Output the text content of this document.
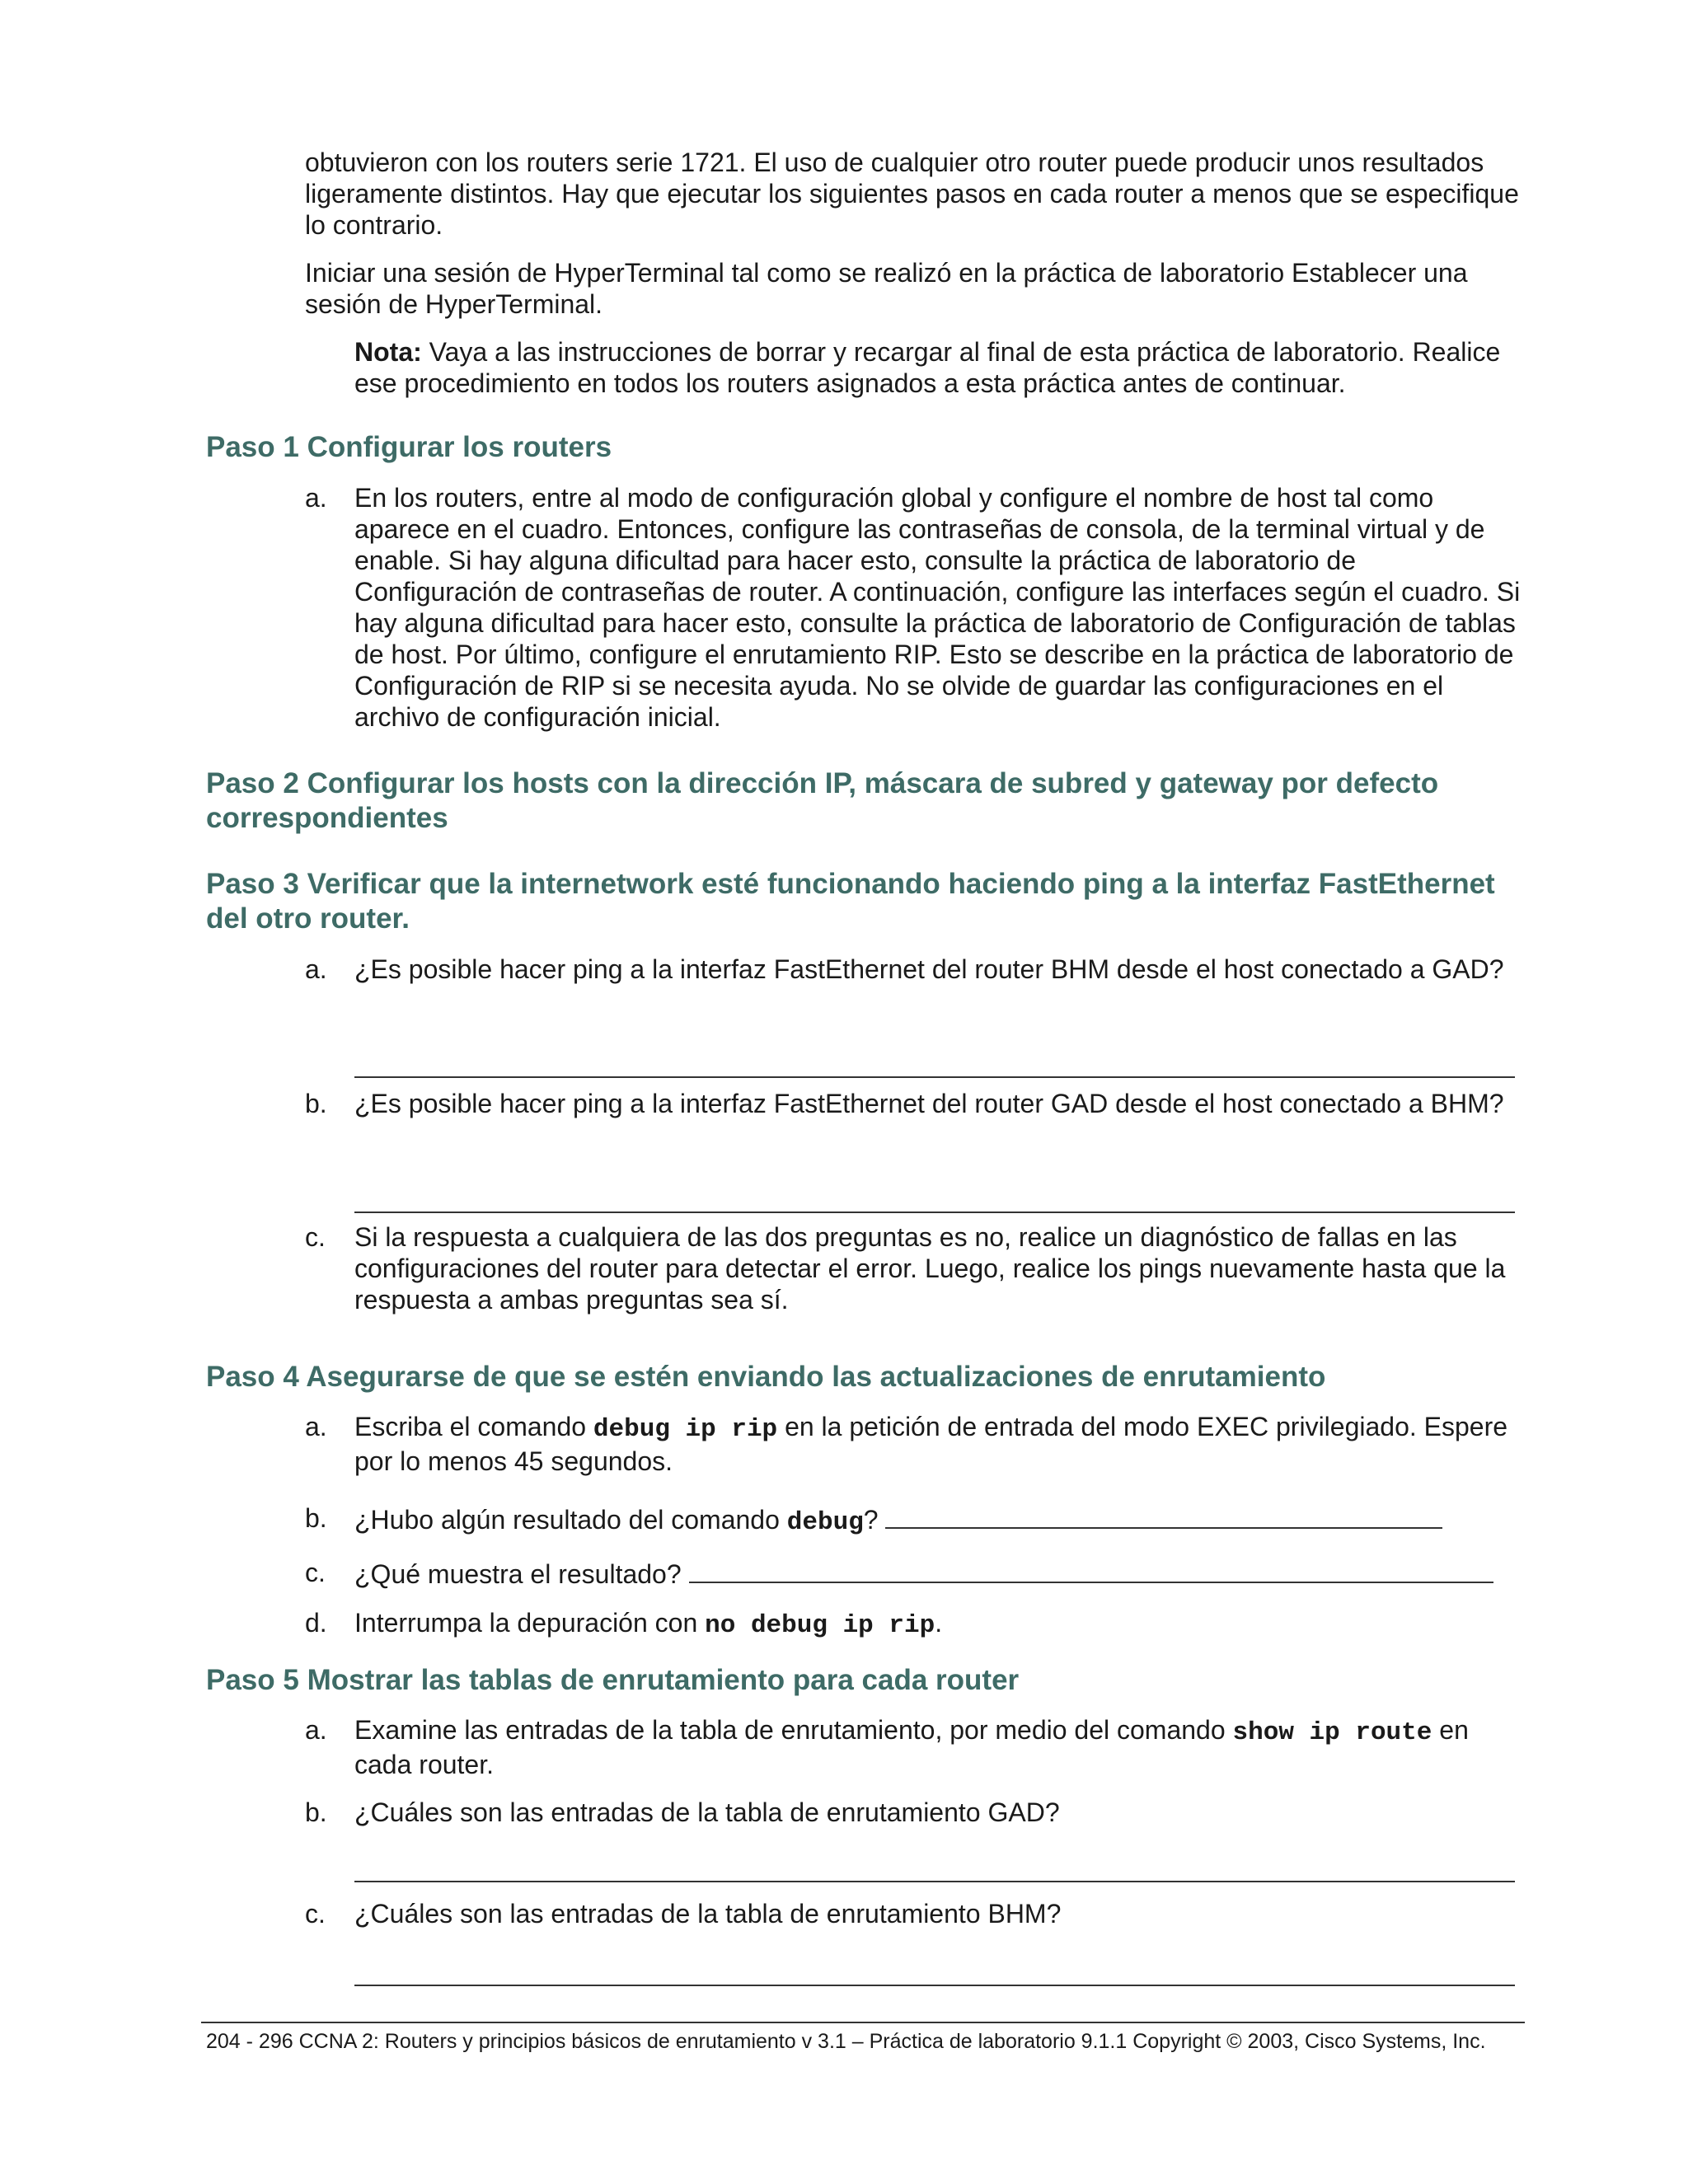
obtuvieron con los routers serie 1721. El uso de cualquier otro router puede producir unos resultados ligeramente distintos. Hay que ejecutar los siguientes pasos en cada router a menos que se especifique lo contrario.

Iniciar una sesión de HyperTerminal tal como se realizó en la práctica de laboratorio Establecer una sesión de HyperTerminal.

Nota: Vaya a las instrucciones de borrar y recargar al final de esta práctica de laboratorio. Realice ese procedimiento en todos los routers asignados a esta práctica antes de continuar.

Paso 1 Configurar los routers
a.	En los routers, entre al modo de configuración global y configure el nombre de host tal como aparece en el cuadro. Entonces, configure las contraseñas de consola, de la terminal virtual y de enable. Si hay alguna dificultad para hacer esto, consulte la práctica de laboratorio de Configuración de contraseñas de router. A continuación, configure las interfaces según el cuadro. Si hay alguna dificultad para hacer esto, consulte la práctica de laboratorio de Configuración de tablas de host. Por último, configure el enrutamiento RIP. Esto se describe en la práctica de laboratorio de Configuración de RIP si se necesita ayuda. No se olvide de guardar las configuraciones en el archivo de configuración inicial.
Paso 2 Configurar los hosts con la dirección IP, máscara de subred y gateway por defecto correspondientes
Paso 3 Verificar que la internetwork esté funcionando haciendo ping a la interfaz FastEthernet del otro router.
a.	¿Es posible hacer ping a la interfaz FastEthernet del router BHM desde el host conectado a GAD?
b.	¿Es posible hacer ping a la interfaz FastEthernet del router GAD desde el host conectado a BHM?
c.	Si la respuesta a cualquiera de las dos preguntas es no, realice un diagnóstico de fallas en las configuraciones del router para detectar el error. Luego, realice los pings nuevamente hasta que la respuesta a ambas preguntas sea sí.
Paso 4 Asegurarse de que se estén enviando las actualizaciones de enrutamiento
a.	Escriba el comando debug ip rip en la petición de entrada del modo EXEC privilegiado. Espere por lo menos 45 segundos.
b.	¿Hubo algún resultado del comando debug?
c.	¿Qué muestra el resultado?
d.	Interrumpa la depuración con no debug ip rip.
Paso 5 Mostrar las tablas de enrutamiento para cada router
a.	Examine las entradas de la tabla de enrutamiento, por medio del comando show ip route en cada router.
b.	¿Cuáles son las entradas de la tabla de enrutamiento GAD?
c.	¿Cuáles son las entradas de la tabla de enrutamiento BHM?
204 - 296 CCNA 2: Routers y principios básicos de enrutamiento v 3.1 – Práctica de laboratorio 9.1.1 Copyright © 2003, Cisco Systems, Inc.
